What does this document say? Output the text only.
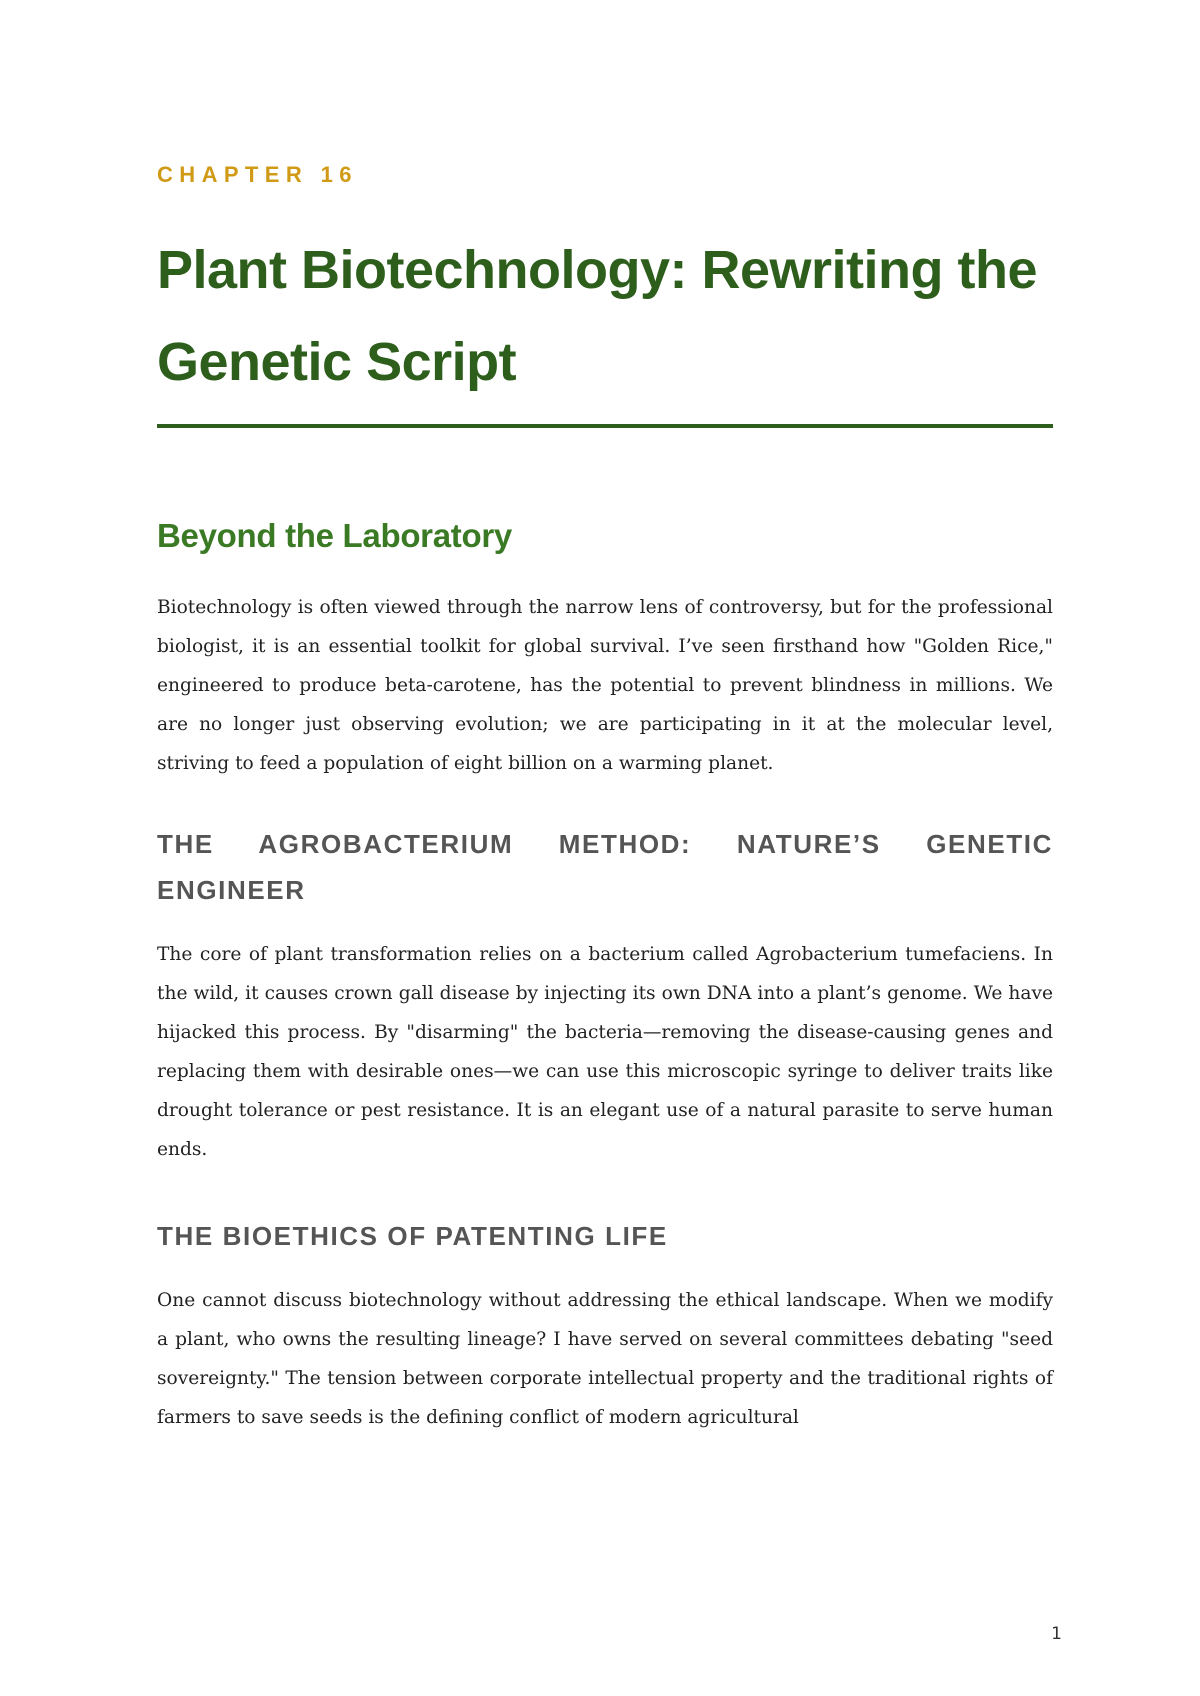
CHAPTER 16

Plant Biotechnology: Rewriting the Genetic Script
Beyond the Laboratory

Biotechnology is often viewed through the narrow lens of controversy, but for the professional biologist, it is an essential toolkit for global survival. I’ve seen firsthand how "Golden Rice," engineered to produce beta-carotene, has the potential to prevent blindness in millions. We are no longer just observing evolution; we are participating in it at the molecular level, striving to feed a population of eight billion on a warming planet.

THE AGROBACTERIUM METHOD: NATURE’S GENETIC ENGINEER

The core of plant transformation relies on a bacterium called Agrobacterium tumefaciens. In the wild, it causes crown gall disease by injecting its own DNA into a plant’s genome. We have hijacked this process. By "disarming" the bacteria—removing the disease-causing genes and replacing them with desirable ones—we can use this microscopic syringe to deliver traits like drought tolerance or pest resistance. It is an elegant use of a natural parasite to serve human ends.

THE BIOETHICS OF PATENTING LIFE

One cannot discuss biotechnology without addressing the ethical landscape. When we modify a plant, who owns the resulting lineage? I have served on several committees debating "seed sovereignty." The tension between corporate intellectual property and the traditional rights of farmers to save seeds is the defining conflict of modern agricultural

1
